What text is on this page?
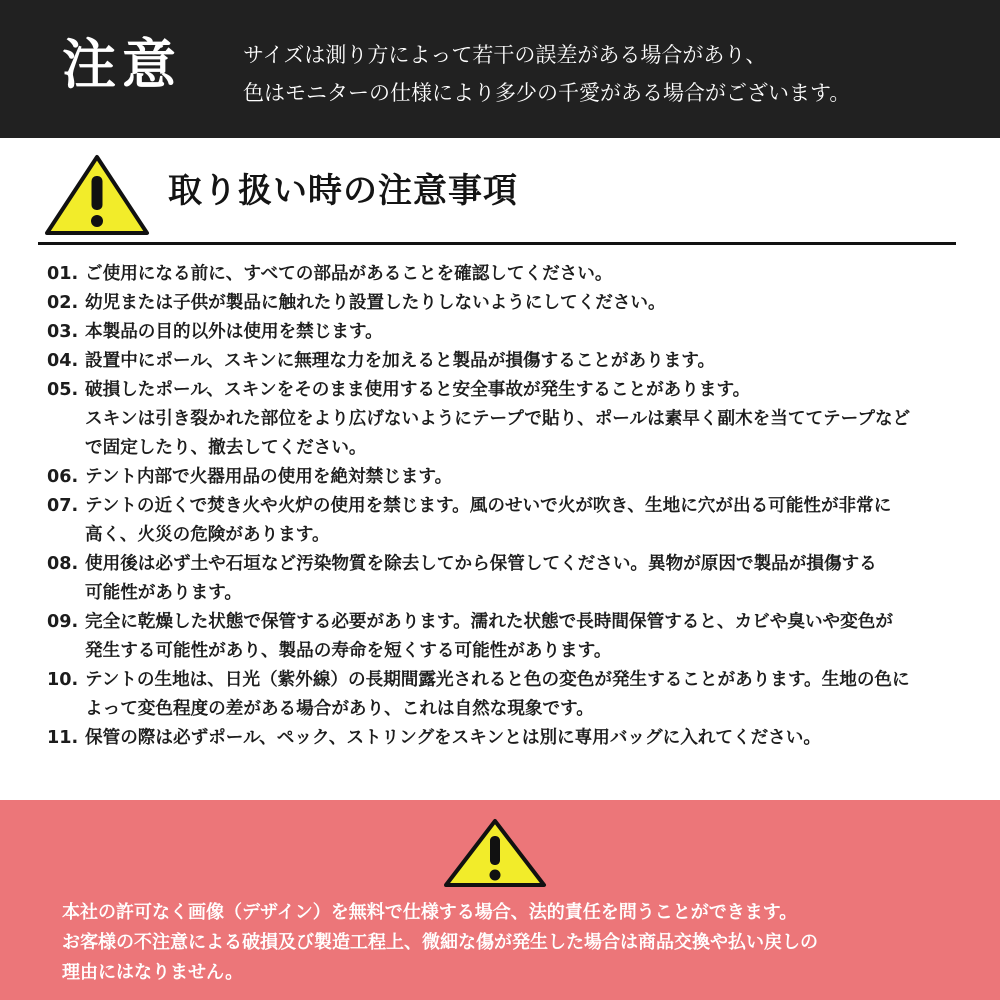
注意	サイズは測り方によって若干の誤差がある場合があり、
色はモニターの仕様により多少の千愛がある場合がございます。
取り扱い時の注意事項
01. ご使用になる前に、すべての部品があることを確認してください。
02. 幼児または子供が製品に触れたり設置したりしないようにしてください。
03. 本製品の目的以外は使用を禁じます。
04. 設置中にポール、スキンに無理な力を加えると製品が損傷することがあります。
05. 破損したポール、スキンをそのまま使用すると安全事故が発生することがあります。
スキンは引き裂かれた部位をより広げないようにテープで貼り、ポールは素早く副木を当ててテープなど
で固定したり、撤去してください。
06. テント内部で火器用品の使用を絶対禁じます。
07. テントの近くで焚き火や火炉の使用を禁じます。風のせいで火が吹き、生地に穴が出る可能性が非常に
高く、火災の危険があります。
08. 使用後は必ず土や石垣など汚染物質を除去してから保管してください。異物が原因で製品が損傷する
可能性があります。
09. 完全に乾燥した状態で保管する必要があります。濡れた状態で長時間保管すると、カビや臭いや変色が
発生する可能性があり、製品の寿命を短くする可能性があります。
10. テントの生地は、日光（紫外線）の長期間露光されると色の変色が発生することがあります。生地の色に
よって変色程度の差がある場合があり、これは自然な現象です。
11. 保管の際は必ずポール、ペック、ストリングをスキンとは別に専用バッグに入れてください。
本社の許可なく画像（デザイン）を無料で仕様する場合、法的責任を問うことができます。
お客様の不注意による破損及び製造工程上、微細な傷が発生した場合は商品交換や払い戻しの
理由にはなりません。
